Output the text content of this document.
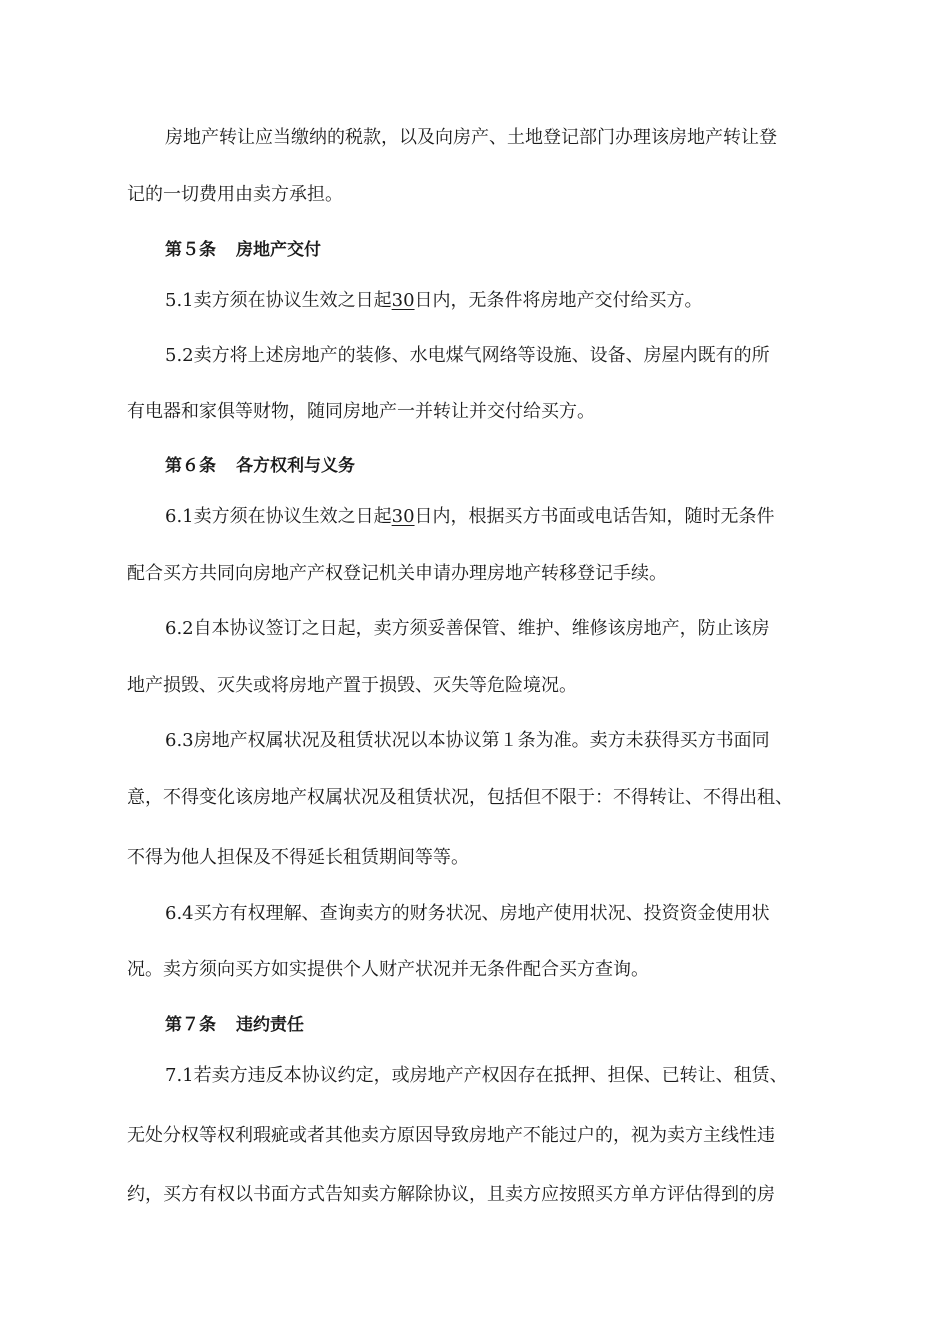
房地产转让应当缴纳的税款，以及向房产、土地登记部门办理该房地产转让登
记的一切费用由卖方承担。
第５条 房地产交付
5.1卖方须在协议生效之日起30日内，无条件将房地产交付给买方。
5.2卖方将上述房地产的装修、水电煤气网络等设施、设备、房屋内既有的所
有电器和家俱等财物，随同房地产一并转让并交付给买方。
第６条 各方权利与义务
6.1卖方须在协议生效之日起30日内，根据买方书面或电话告知，随时无条件
配合买方共同向房地产产权登记机关申请办理房地产转移登记手续。
6.2自本协议签订之日起，卖方须妥善保管、维护、维修该房地产，防止该房
地产损毁、灭失或将房地产置于损毁、灭失等危险境况。
6.3房地产权属状况及租赁状况以本协议第１条为准。卖方未获得买方书面同
意，不得变化该房地产权属状况及租赁状况，包括但不限于：不得转让、不得出租、
不得为他人担保及不得延长租赁期间等等。
6.4买方有权理解、查询卖方的财务状况、房地产使用状况、投资资金使用状
况。卖方须向买方如实提供个人财产状况并无条件配合买方查询。
第７条 违约责任
7.1若卖方违反本协议约定，或房地产产权因存在抵押、担保、已转让、租赁、
无处分权等权利瑕疵或者其他卖方原因导致房地产不能过户的，视为卖方主线性违
约，买方有权以书面方式告知卖方解除协议，且卖方应按照买方单方评估得到的房
